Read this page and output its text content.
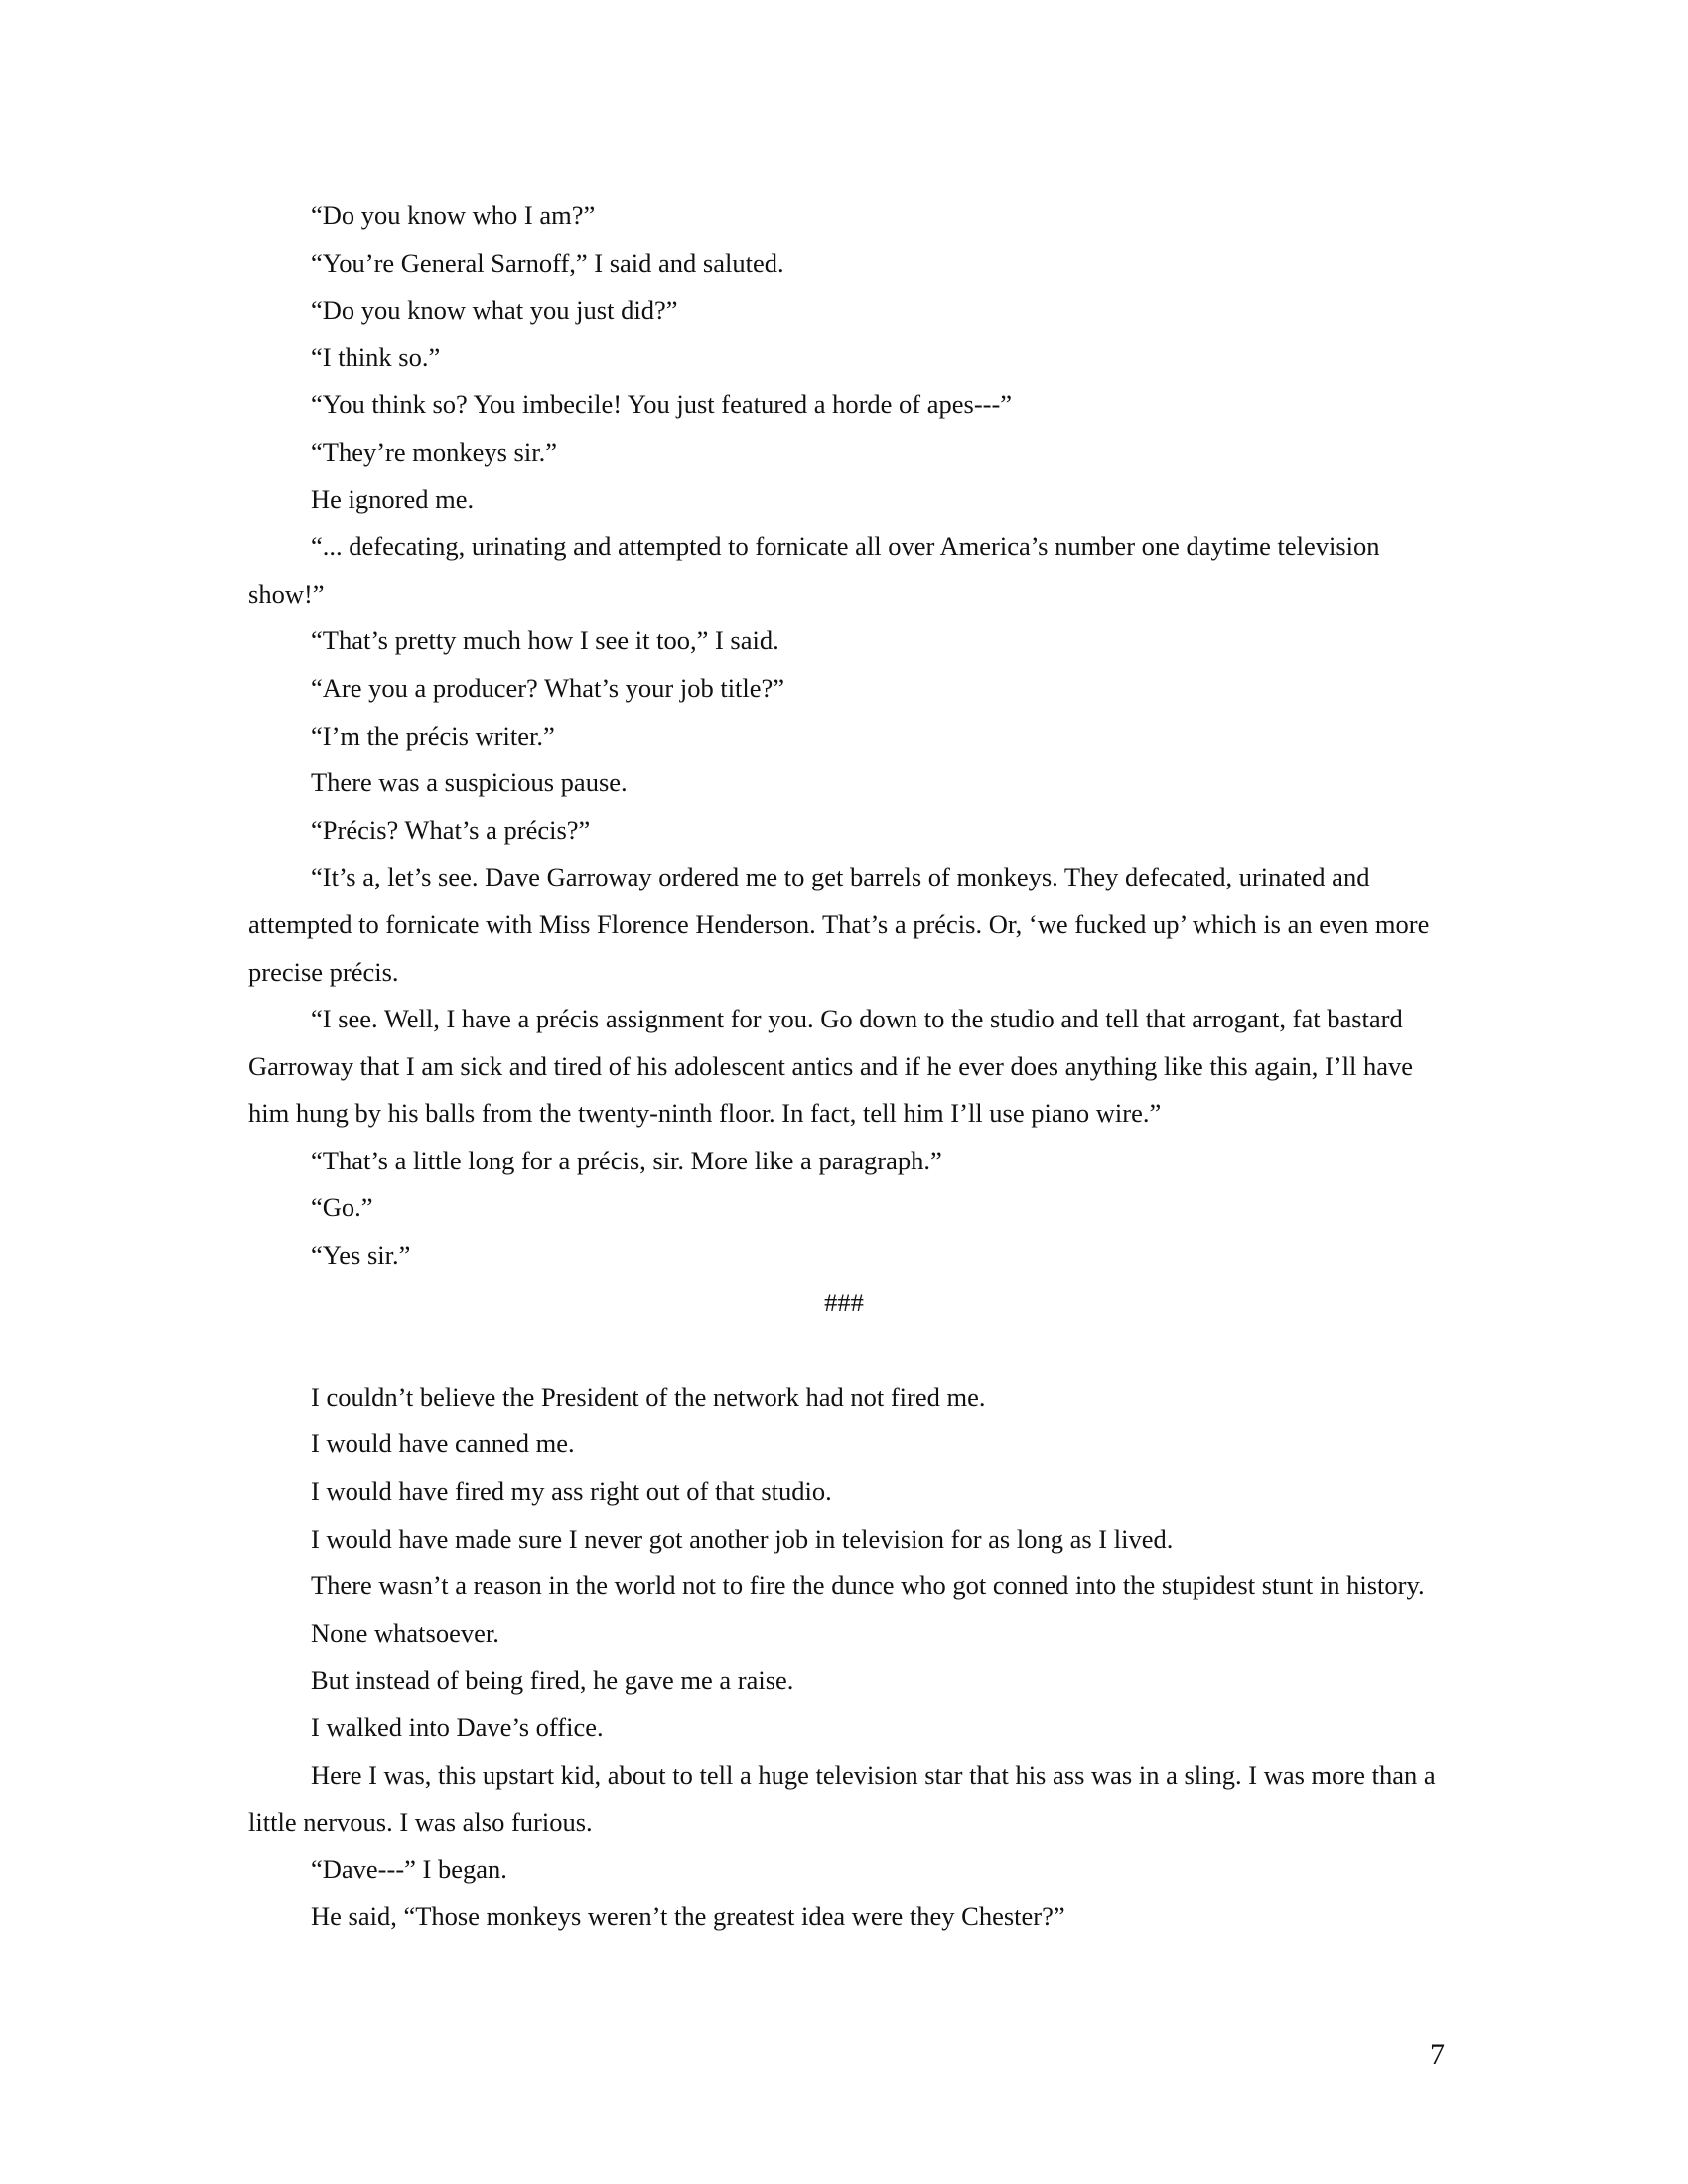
“Do you know who I am?”

“You’re General Sarnoff,” I said and saluted.

“Do you know what you just did?”

“I think so.”

“You think so? You imbecile! You just featured a horde of apes---”

“They’re monkeys sir.”

He ignored me.

“... defecating, urinating and attempted to fornicate all over America’s number one daytime television show!”

“That’s pretty much how I see it too,” I said.

“Are you a producer? What’s your job title?”

“I’m the précis writer.”

There was a suspicious pause.

“Précis? What’s a précis?”

“It’s a, let’s see. Dave Garroway ordered me to get barrels of monkeys. They defecated, urinated and attempted to fornicate with Miss Florence Henderson. That’s a précis. Or, ‘we fucked up’ which is an even more precise précis.

“I see. Well, I have a précis assignment for you. Go down to the studio and tell that arrogant, fat bastard Garroway that I am sick and tired of his adolescent antics and if he ever does anything like this again, I’ll have him hung by his balls from the twenty-ninth floor. In fact, tell him I’ll use piano wire.”

“That’s a little long for a précis, sir. More like a paragraph.”

“Go.”

“Yes sir.”

###

I couldn’t believe the President of the network had not fired me.

I would have canned me.

I would have fired my ass right out of that studio.

I would have made sure I never got another job in television for as long as I lived.

There wasn’t a reason in the world not to fire the dunce who got conned into the stupidest stunt in history.

None whatsoever.

But instead of being fired, he gave me a raise.

I walked into Dave’s office.

Here I was, this upstart kid, about to tell a huge television star that his ass was in a sling. I was more than a little nervous. I was also furious.

“Dave---” I began.

He said, “Those monkeys weren’t the greatest idea were they Chester?”

7
